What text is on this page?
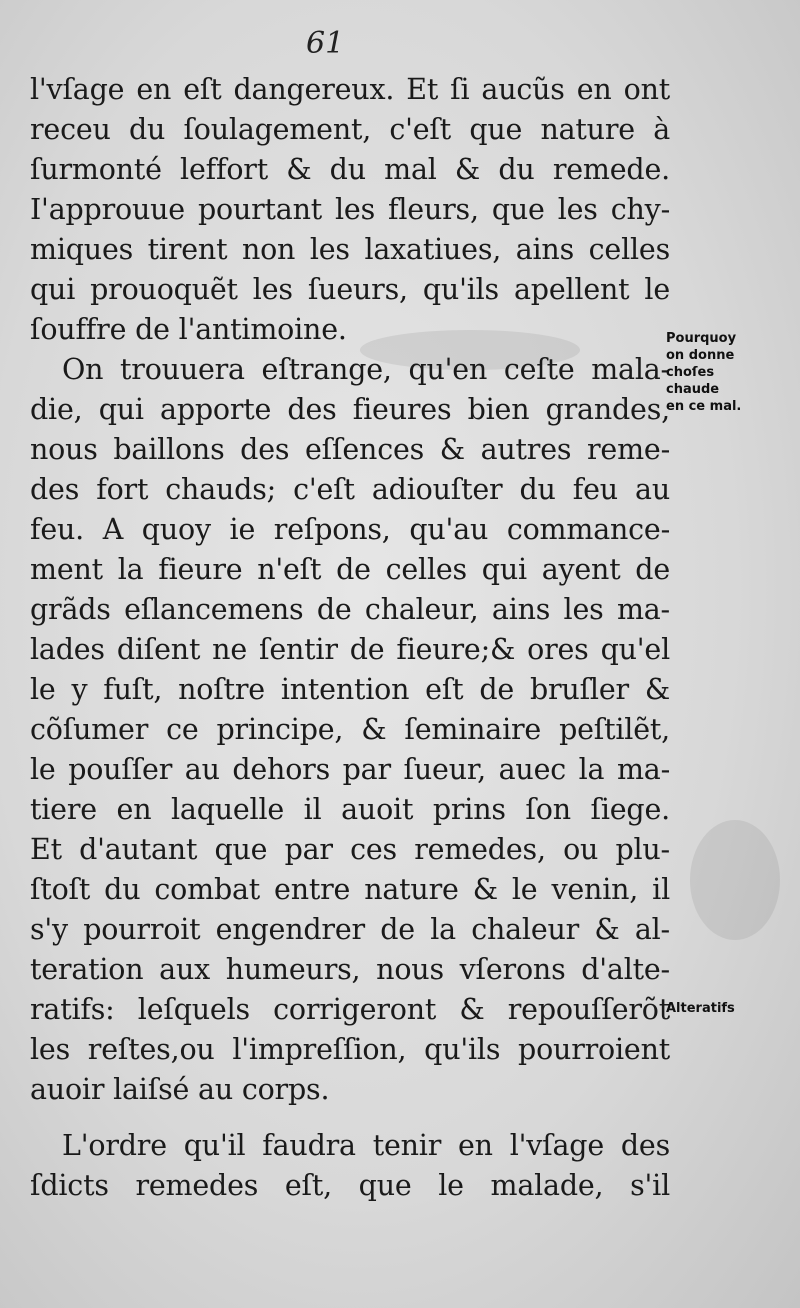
61
l'vſage en eſt dangereux. Et ſi aucũs en ont
receu du ſoulagement, c'eſt que nature à
ſurmonté leffort & du mal & du remede.
I'approuue pourtant les fleurs, que les chy-
miques tirent non les laxatiues, ains celles
qui prouoquẽt les ſueurs, qu'ils apellent le
ſouffre de l'antimoine.
On trouuera eſtrange, qu'en ceſte mala-
die, qui apporte des fieures bien grandes,
nous baillons des eſſences & autres reme-
des fort chauds; c'eſt adiouſter du feu au
feu. A quoy ie reſpons, qu'au commance-
ment la fieure n'eſt de celles qui ayent de
grãds eſlancemens de chaleur, ains les ma-
lades diſent ne ſentir de fieure;& ores qu'el
le y fuſt, noſtre intention eſt de bruſler &
cõſumer ce principe, & ſeminaire peſtilẽt,
le pouſſer au dehors par ſueur, auec la ma-
tiere en laquelle il auoit prins ſon ſiege.
Et d'autant que par ces remedes, ou plu-
ſtoſt du combat entre nature & le venin, il
s'y pourroit engendrer de la chaleur & al-
teration aux humeurs, nous vſerons d'alte-
ratifs: leſquels corrigeront & repouſſerõt
les reſtes,ou l'impreſſion, qu'ils pourroient
auoir laiſsé au corps.
L'ordre qu'il faudra tenir en l'vſage des
ſdicts remedes eſt, que le malade, s'il
Pourquoy
on donne
choſes
chaude
en ce mal.
Alteratifs
